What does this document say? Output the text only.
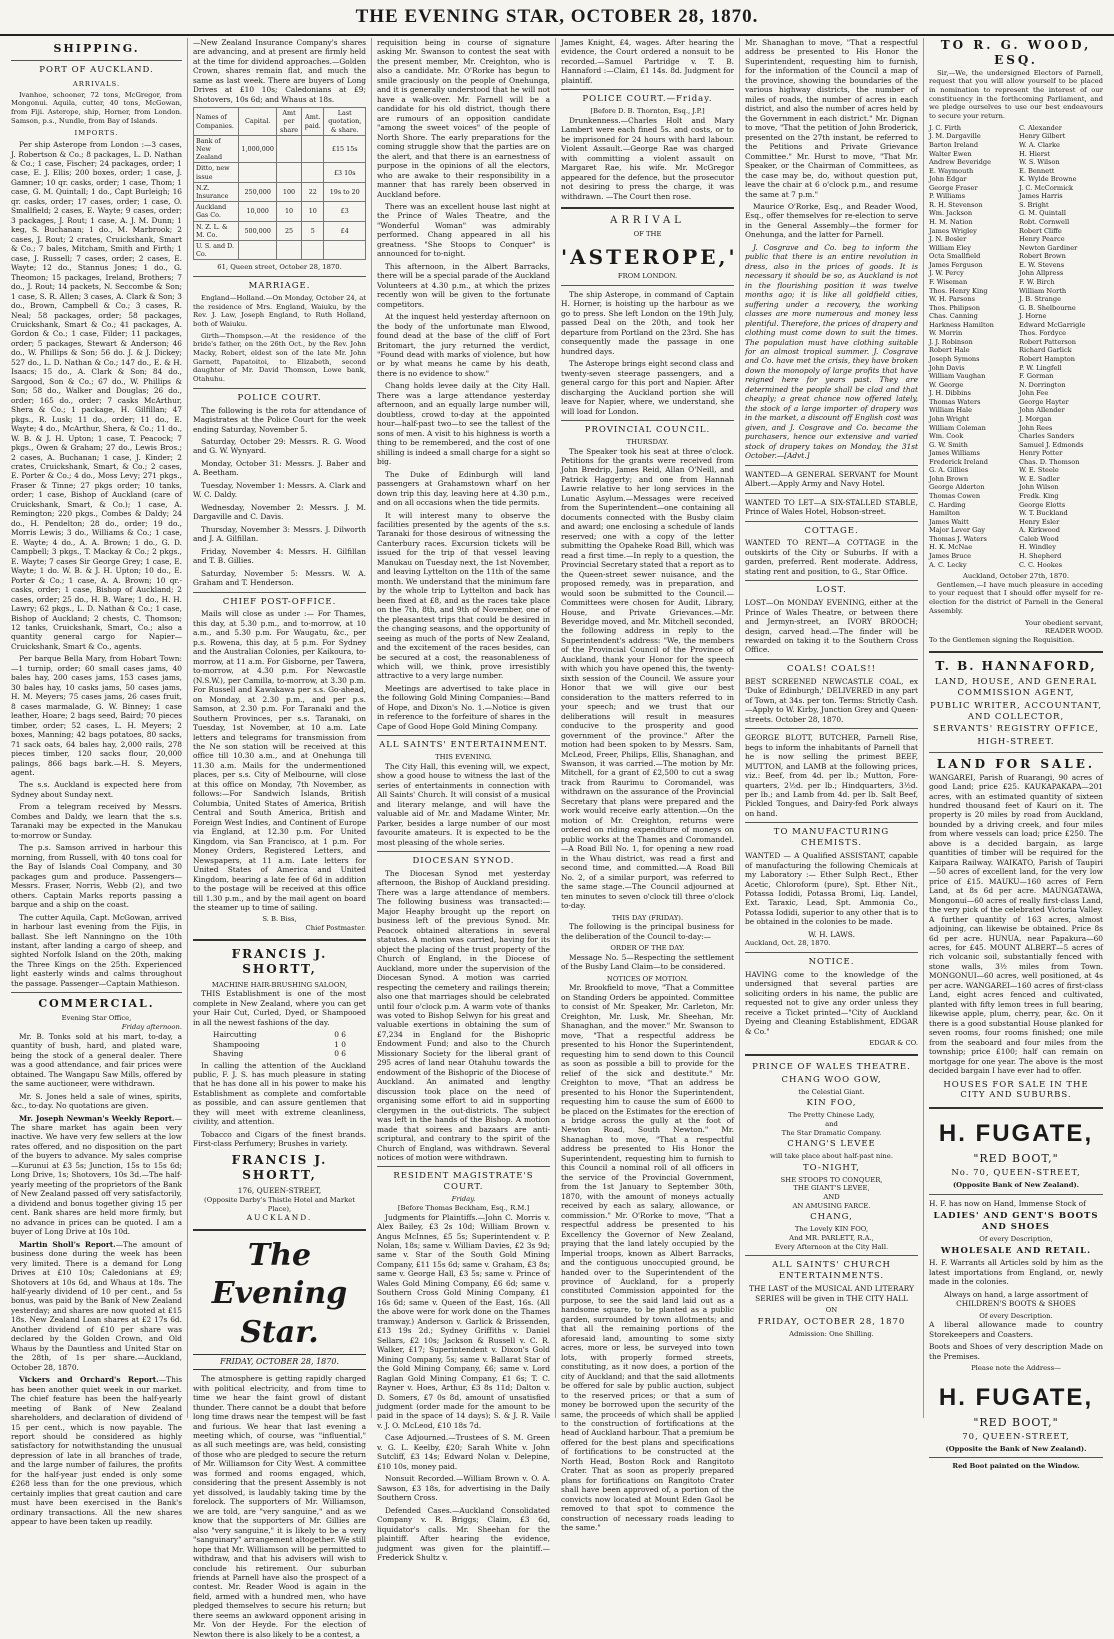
THE EVENING STAR, OCTOBER 28, 1870.
SHIPPING.
PORT OF AUCKLAND.
ARRIVALS.

Ivanhoe, schooner, 72 tons, McGregor, from Mongonui. Aquila, cutter, 40 tons, McGowan, from Fiji. Asterope, ship, Horner, from London. Samson, p.s., Nundle, from Bay of Islands.

IMPORTS.

Per ship Asterope from London :—3 cases, J. Robertson & Co.; 8 packages, L. D. Nathan & Co.; 1 case, Fischer; 24 packages, order; 1 case, E. J. Ellis; 200 boxes, order; 1 case, J. Gamner; 10 qr. casks, order; 1 case, Thom; 1 case, G. M. Quintall; 1 do., Capt Burleigh; 16 qr. casks, order; 17 cases, order; 1 case, O. Smallfield; 2 cases, E. Wayte; 9 cases, order; 3 packages, J. Rout; 1 case, A. J. M. Dunn; 1 keg, S. Buchanan; 1 do., M. Marbrook; 2 cases, J. Rout; 2 crates, Cruickshank, Smart & Co.; 7 bales, Mitcham, Smith and Firth; 1 case, J. Russell; 7 cases, order; 2 cases, E. Wayte; 12 do., Stannus Jones; 1 do., G. Theomon; 15 packages, Ireland, Brothers; 7 do., J. Rout; 14 packets, N. Seccombe & Son; 1 case, S. R. Allen; 3 cases, A. Clark & Son; 3 do., Brown, Campbell & Co.; 3 cases, R. Neal; 58 packages, order; 58 packages, Cruickshank, Smart & Co.; 41 packages, A. Gordon & Co.; 1 case, Filder; 11 packages, order; 5 packages, Stewart & Anderson; 46 do., W. Phillips & Son; 56 do. J. & J. Dickey; 527 do., L. D. Nathan & Co.; 147 do., E. & H. Isaacs; 15 do., A. Clark & Son; 84 do., Sargood, Son & Co.; 67 do., W. Phillips & Son; 58 do., Walker and Douglas; 26 do., order; 165 do., order; 7 casks McArthur, Shera & Co.; 1 package, H. Gilfillan; 47 pkgs., R. Lusk; 11 do., order; 11 do., E. Wayte; 4 do., McArthur, Shera, & Co.; 11 do., W. B. & J. H. Upton; 1 case, T. Peacock; 7 pkgs., Owen & Graham; 27 do., Lewis Bros.; 2 cases, A. Buchanan; 1 case, J. Kinder; 2 crates, Cruickshank, Smart, & Co.; 2 cases, E. Porter & Co.; 4 do., Moss Levy; 271 pkgs., Fraser & Tinne; 27 pkgs order; 10 tanks, order; 1 case, Bishop of Auckland (care of Cruickshank, Smart, & Co.); 1 case, A. Remington; 220 pkgs., Combes & Daldy; 24 do., H. Pendelton; 28 do., order; 19 do., Morris Lewis; 3 do., Williams & Co.; 1 case, E. Wayte; 4 do., A. A. Brown; 1 do., G. D. Campbell; 3 pkgs., T. Mackay & Co.; 2 pkgs., E. Wayte; 7 cases Sir George Grey; 1 case, E. Wayte; 1 do. W. B. & J. H. Upton; 10 do., E. Porter & Co.; 1 case, A. A. Brown; 10 qr.-casks, order; 1 case, Bishop of Auckland; 2 cases, order; 25 do., H. B. Ware; 1 do., H. H. Lawry; 62 pkgs., L. D. Nathan & Co.; 1 case, Bishop of Auckland; 2 chests, C. Thomson; 12 tanks, Cruickshank, Smart, Co.; also a quantity general cargo for Napier—Cruickshank, Smart & Co., agents.

Per barque Bella Mary, from Hobart Town:—1 turnip, order; 60 small cases jams, 40 bales hay, 200 cases jams, 153 cases jams, 30 bales hay, 10 casks jams, 50 cases jams, H. M. Meyers; 75 cases jams, 26 cases fruit, 8 cases marmalade, G. W. Binney; 1 case leather, Hoare; 2 bags seed, Baird; 70 pieces timber, order; 52 cases, L. H. Meyers; 2 boxes, Manning; 42 bags potatoes, 80 sacks, 71 sack oats, 64 bales hay, 2,000 rails, 278 pieces timber, 120 sacks flour, 20,000 palings, 866 bags bark.—H. S. Meyers, agent.

The s.s. Auckland is expected here from Sydney about Sunday next.

From a telegram received by Messrs. Combes and Daldy, we learn that the s.s. Taranaki may be expected in the Manukau to-morrow or Sunday.

The p.s. Samson arrived in harbour this morning, from Russell, with 40 tons coal for the Bay of Islands Coal Company, and 30 packages gum and produce. Passengers—Messrs. Fraser, Norris, Webb (2), and two others. Captain Marks reports passing a barque and a ship on the coast.

The cutter Aquila, Capt. McGowan, arrived in harbour last evening from the Fijis, in ballast. She left Nanningno on the 10th instant, after landing a cargo of sheep, and sighted Norfolk Island on the 20th, making the Three Kings on the 25th. Experienced light easterly winds and calms throughout the passage. Passenger—Captain Mathieson.

COMMERCIAL.
Evening Star Office,
Friday afternoon.

Mr. B. Tonks sold at his mart, to-day, a quantity of bush, hard, and plated ware, being the stock of a general dealer. There was a good attendance, and fair prices were obtained. The Wangapu Saw Mills, offered by the same auctioneer, were withdrawn.

Mr. S. Jones held a sale of wines, spirits, &c., to-day. No quotations are given.

Mr. Joseph Newman's Weekly Report.—The share market has again been very inactive. We have very few sellers at the low rates offered, and no disposition on the part of the buyers to advance. My sales comprise—Kurunui at £3 5s; Junction, 15s to 15s 6d; Long Drive, 1s; Shotovers, 10s 3d.—The half-yearly meeting of the proprietors of the Bank of New Zealand passed off very satisfactorily, a dividend and bonus together giving 15 per cent. Bank shares are held more firmly, but no advance in prices can be quoted. I am a buyer of Long Drive at 10s 10d.

Martin Sholl's Report.—The amount of business done during the week has been very limited. There is a demand for Long Drives at £10 10s; Caledonians at £9; Shotovers at 10s 6d, and Whaus at 18s. The half-yearly dividend of 10 per cent., and 5s bonus, was paid by the Bank of New Zealand yesterday; and shares are now quoted at £15 18s. New Zealand Loan shares at £2 17s 6d. Another dividend of £10 per share was declared by the Golden Crown, and Old Whaus by the Dauntless and United Star on the 28th, of 1s per share.—Auckland, October 28, 1870.

Vickers and Orchard's Report.—This has been another quiet week in our market. The chief feature has been the half-yearly meeting of Bank of New Zealand shareholders, and declaration of dividend of 15 per cent., which is now payable. The report should be considered as highly satisfactory for notwithstanding the unusual depression of late in all branches of trade, and the large number of failures, the profits for the half-year just ended is only some £268 less than for the one previous, which certainly implies that great caution and care must have been exercised in the Bank's ordinary transactions. All the new shares appear to have been taken up readily.

—New Zealand Insurance Company's shares are advancing, and at present are firmly held at the time for dividend approaches.—Golden Crown, shares remain flat, and much the same as last week. There are buyers of Long Drives at £10 10s; Caledonians at £9; Shotovers, 10s 6d; and Whaus at 18s.

Names of Companies.	Capital.	Amt per share	Amt. paid.	Last quotation, & share.
Bank of New Zealand	1,000,000			£15 15s
Ditto, new issue				£3 10s
N.Z. Insurance	250,000	100	22	19s to 20
Auckland Gas Co.	10,000	10	10	£3
N. Z. L. & M. Co.	500,000	25	5	£4
U. S. and D. Co.				
61, Queen street, October 28, 1870.
MARRIAGE.

England—Holland.—On Monday, October 24, at the residence of Mrs. England, Waiuku, by the Rev. J. Law, Joseph England, to Ruth Holland, both of Waiuku.

Girth—Thompson.—At the residence of the bride's father, on the 26th Oct., by the Rev. John Macky, Robert, eldest son of the late Mr. John Garnett, Papatoitoi, to Elizabeth, second daughter of Mr. David Thomson, Lowe bank, Otahuhu.

POLICE COURT.

The following is the rota for attendance of Magistrates at the Police Court for the week ending Saturday, November 5.

Saturday, October 29: Messrs. R. G. Wood and G. W. Wynyard.

Monday, October 31: Messrs. J. Baber and A. Beetham.

Tuesday, November 1: Messrs. A. Clark and W. C. Daldy.

Wednesday, November 2: Messrs. J. M. Dargaville and C. Davis.

Thursday, November 3: Messrs. J. Dilworth and J. A. Gilfillan.

Friday, November 4: Messrs. H. Gilfillan and T. B. Gillies.

Saturday, November 5: Messrs. W. A. Graham and T. Henderson.

CHIEF POST-OFFICE.

Mails will close as under :— For Thames, this day, at 5.30 p.m., and to-morrow, at 10 a.m., and 5.30 p.m. For Waugatu, &c., per p.s. Rowena, this day, at 5 p.m. For Sydney and the Australian Colonies, per Kaikoura, to-morrow, at 11 a.m. For Gisborne, per Tawera, to-morrow, at 4.30 p.m. For Newcastle (N.S.W.), per Camilla, to-morrow, at 3.30 p.m. For Russell and Kawakawa per s.s. Go-ahead, on Monday, at 2.30 p.m., and per p.s. Samson, at 2.30 p.m. For Taranaki and the Southern Provinces, per s.s. Taranaki, on Tuesday, 1st November, at 10 a.m. Late letters and telegrams for transmission from the Ne son station will be received at this office till 10.30 a.m., and at Onehunga till 11.30 a.m. Mails for the undermentioned places, per s.s. City of Melbourne, will close at this office on Monday, 7th November, as follows:—For Sandwich Islands, British Columbia, United States of America, British Central and South America, British and Foreign West Indies, and Continent of Europe via England, at 12.30 p.m. For United Kingdom, via San Francisco, at 1 p.m. For Money Orders, Registered Letters, and Newspapers, at 11 a.m. Late letters for United States of America and United Kingdom, bearing a late fee of 6d in addition to the postage will be received at this office till 1.30 p.m., and by the mail agent on board the steamer up to time of sailing.

S. B. Biss,
Chief Postmaster.
FRANCIS J. SHORTT,
MACHINE HAIR-BRUSHING SALOON,

THIS Establishment is one of the most complete in New Zealand, where you can get your Hair Cut, Curled, Dyed, or Shampooed in all the newest fashions of the day.

Haircutting	0 6
Shampooing	1 0
Shaving	0 6

In calling the attention of the Auckland public, F. J. S. has much pleasure in stating that he has done all in his power to make his Establishment as complete and comfortable as possible, and can assure gentlemen that they will meet with extreme cleanliness, civility, and attention.

Tobacco and Cigars of the finest brands. First-class Perfumery; Brushes in variety.

FRANCIS J. SHORTT,
176, QUEEN-STREET,
(Opposite Darby's Thistle Hotel and Market Place),
AUCKLAND.
The Evening Star.
FRIDAY, OCTOBER 28, 1870.

The atmosphere is getting rapidly charged with political electricity, and from time to time we hear the faint growl of distant thunder. There cannot be a doubt that before long time draws near the tempest will be fast and furious. We hear that last evening a meeting which, of course, was "influential," as all such meetings are, was held, consisting of those who are pledged to secure the return of Mr. Williamson for City West. A committee was formed and rooms engaged, which, considering that the present Assembly is not yet dissolved, is laudably taking time by the forelock. The supporters of Mr. Williamson, we are told, are "very sanguine," and as we know that the supporters of Mr. Gillies are also "very sanguine," it is likely to be a very "sanguinary" arrangement altogether. We still hope that Mr. Williamson will be permitted to withdraw, and that his advisers will wish to conclude his retirement. Our suburban friends at Parnell have also the prospect of a contest. Mr. Reader Wood is again in the field, armed with a hundred men, who have pledged themselves to secure his return; but there seems an awkward opponent arising in Mr. Von der Heyde. For the election of Newton there is also likely to be a contest, a

requisition being in course of signature asking Mr. Swanson to contest the seat with the present member, Mr. Creighton, who is also a candidate. Mr. O'Rorke has begun to smile graciously on the people of Onehunga, and it is generally understood that he will not have a walk-over. Mr. Farnell will be a candidate for his old district, though there are rumours of an opposition candidate "among the sweet voices" of the people of North Shore. The early preparations for the coming struggle show that the parties are on the alert, and that there is an earnestness of purpose in the opinions of all the electors, who are awake to their responsibility in a manner that has rarely been observed in Auckland before.

There was an excellent house last night at the Prince of Wales Theatre, and the "Wonderful Woman" was admirably performed. Chang appeared in all his greatness. "She Stoops to Conquer" is announced for to-night.

This afternoon, in the Albert Barracks, there will be a special parade of the Auckland Volunteers at 4.30 p.m., at which the prizes recently won will be given to the fortunate competitors.

At the inquest held yesterday afternoon on the body of the unfortunate man Elwood, found dead at the base of the cliff of Fort Britomart, the jury returned the verdict, "Found dead with marks of violence, but how or by what means he came by his death, there is no evidence to show."

Chang holds levee daily at the City Hall. There was a large attendance yesterday afternoon, and an equally large number will, doubtless, crowd to-day at the appointed hour—half-past two—to see the tallest of the sons of men. A visit to his highness is worth a thing to be remembered, and the cost of one shilling is indeed a small charge for a sight so big.

The Duke of Edinburgh will land passengers at Grahamstown wharf on her down trip this day, leaving here at 4.30 p.m., and on all occasions when the tide permits.

It will interest many to observe the facilities presented by the agents of the s.s. Taranaki for those desirous of witnessing the Canterbury races. Excursion tickets will be issued for the trip of that vessel leaving Manukau on Tuesday next, the 1st November, and leaving Lyttelton on the 11th of the same month. We understand that the minimum fare by the whole trip to Lyttelton and back has been fixed at £8, and as the races take place on the 7th, 8th, and 9th of November, one of the pleasantest trips that could be desired in the changing seasons, and the opportunity of seeing as much of the ports of New Zealand, and the excitement of the races besides, can be secured at a cost, the reasonableness of which will, we think, prove irresistibly attractive to a very large number.

Meetings are advertised to take place in the following Gold Mining Companies:—Band of Hope, and Dixon's No. 1.—Notice is given in reference to the forfeiture of shares in the Cape of Good Hope Gold Mining Company.

ALL SAINTS' ENTERTAINMENT.
THIS EVENING.

The City Hall, this evening will, we expect, show a good house to witness the last of the series of entertainments in connection with All Saints' Church. It will consist of a musical and literary melange, and will have the valuable aid of Mr. and Madame Winter, Mr. Parker, besides a large number of our most favourite amateurs. It is expected to be the most pleasing of the whole series.

DIOCESAN SYNOD.

The Diocesan Synod met yesterday afternoon, the Bishop of Auckland presiding. There was a large attendance of members. The following business was transacted:—Major Heaphy brought up the report on business left of the previous Synod. Mr. Peacock obtained alterations in several statutes. A motion was carried, having for its object the placing of the trust property of the Church of England, in the Diocese of Auckland, more under the supervision of the Diocesan Synod. A motion was carried respecting the cemetery and railings therein; also one that marriages should be celebrated until four o'clock p.m. A warm vote of thanks was voted to Bishop Selwyn for his great and valuable exertions in obtaining the sum of £7,234 in England for the Bishopric Endowment Fund; and also to the Church Missionary Society for the liberal grant of 295 acres of land near Otahuhu towards the endowment of the Bishopric of the Diocese of Auckland. An animated and lengthy discussion took place on the need of organising some effort to aid in supporting clergymen in the out-districts. The subject was left in the hands of the Bishop. A motion made that soirees and bazaars are anti-scriptural, and contrary to the spirit of the Church of England, was withdrawn. Several notices of motion were withdrawn.

RESIDENT MAGISTRATE'S COURT.
Friday.
[Before Thomas Beckham, Esq., R.M.]

Judgments for Plaintiffs.—John C. Morris v. Alex Bailey, £3 2s 10d; William Brown v. Angus McInnes, £5 5s; Superintendent v. P. Nolan, 18s; same v. William Davies, £2 3s 9d; same v. Star of the South Gold Mining Company, £11 15s 6d; same v. Graham, £3 8s; same v. George Hall, £3 5s; same v. Prince of Wales Gold Mining Company, £6 6d; same v. Southern Cross Gold Mining Company, £1 16s 6d; same v. Queen of the East, 16s. (All the above were for work done on the Thames tramway.) Anderson v. Garlick & Brissenden, £13 19s 2d.; Sydney Griffiths v. Daniel Sellars, £2 10s; Jackson & Russell v. C. R. Walker, £17; Superintendent v. Dixon's Gold Mining Company, 5s; same v. Ballarat Star of the Gold Mining Company, £6; same v. Lord Raglan Gold Mining Company, £1 6s; T. C. Rayner v. Hoes, Arthur, £3 8s 11d; Dalton v. D. Somers, £7 0s 8d, amount of unsatisfied judgment (order made for the amount to be paid in the space of 14 days); S. & J. R. Vaile v. J. O. McLeod, £10 18s 7d.

Case Adjourned.—Trustees of S. M. Green v. G. L. Keelby, £20; Sarah White v. John Sutcliff, £3 14s; Edward Nolan v. Delepine, £10 10s, money paid.

Nonsuit Recorded.—William Brown v. O. A. Sawson, £3 18s, for advertising in the Daily Southern Cross.

Defended Cases.—Auckland Consolidated Company v. R. Briggs; Claim, £3 6d, liquidator's calls. Mr. Sheehan for the plaintiff. After hearing the evidence, judgment was given for the plaintiff.—Frederick Shultz v.

James Knight, £4, wages. After hearing the evidence, the Court ordered a nonsuit to be recorded.—Samuel Partridge v. T. B. Hannaford :—Claim, £1 14s. 8d. Judgment for plaintiff.

POLICE COURT.—Friday.
[Before D. B. Thornton, Esq., J.P.]

Drunkenness.—Charles Holt and Mary Lambert were each fined 5s. and costs, or to be imprisoned for 24 hours with hard labour. Violent Assault.—George Rae was charged with committing a violent assault on Margaret Rae, his wife. Mr. McGregor appeared for the defence, but the prosecutor not desiring to press the charge, it was withdrawn. —The Court then rose.

ARRIVAL
OF THE
'ASTEROPE,'
FROM LONDON.

The ship Asterope, in command of Captain H. Horner, is hoisting up the harbour as we go to press. She left London on the 19th July, passed Deal on the 20th, and took her departure from Portland on the 23rd. She has consequently made the passage in one hundred days.

The Asterope brings eight second class and twenty-seven steerage passengers, and a general cargo for this port and Napier. After discharging the Auckland portion she will leave for Napier, where, we understand, she will load for London.

PROVINCIAL COUNCIL.
THURSDAY.

The Speaker took his seat at three o'clock. Petitions for the grants were received from John Bredrip, James Reid, Allan O'Neill, and Patrick Haggerty; and one from Hannah Lawrie relative to her long services in the Lunatic Asylum.—Messages were received from the Superintendent—one containing all documents connected with the Busby claim and award; one enclosing a schedule of lands reserved; one with a copy of the letter submitting the Opaheke Road Bill, which was read a first time.—In reply to a question, the Provincial Secretary stated that a report as to the Queen-street sewer nuisance, and the proposed remedy, was in preparation, and would soon be submitted to the Council.—Committees were chosen for Audit, Library, House, and Private Grievances.—Mr. Beveridge moved, and Mr. Mitchell seconded, the following address in reply to the Superintendent's address: "We, the members of the Provincial Council of the Province of Auckland, thank your Honor for the speech with which you have opened this, the twenty-sixth session of the Council. We assure your Honor that we will give our best consideration to the matters referred to in your speech; and we trust that our deliberations will result in measures conducive to the prosperity and good government of the province." After the motion had been spoken to by Messrs. Sam, McLeod, Freer, Philips, Ellis, Shanaghan, and Swanson, it was carried.—The motion by Mr. Mitchell, for a grant of £2,500 to cut a swag track from Raurimu to Coromandel, was withdrawn on the assurance of the Provincial Secretary that plans were prepared and the work would receive early attention.—On the motion of Mr. Creighton, returns were ordered on riding expenditure of moneys on public works at the Thames and Coromandel.—A Road Bill No. 1, for opening a new road in the Whau district, was read a first and second time, and committed.—A Road Bill No. 2, of a similar purport, was referred to the same stage.—The Council adjourned at ten minutes to seven o'clock till three o'clock to-day.

THIS DAY (FRIDAY).

The following is the principal business for the deliberation of the Council to-day:—

ORDER OF THE DAY.

Message No. 5—Respecting the settlement of the Busby Land Claim—to be considered.

NOTICES OF MOTION.

Mr. Brookfield to move, "That a Committee on Standing Orders be appointed. Committee to consist of Mr. Speaker, Mr. Carleton, Mr. Creighton, Mr. Lusk, Mr. Sheehan, Mr. Shanaghan, and the mover." Mr. Swanson to move, "That a respectful address be presented to his Honor the Superintendent, requesting him to send down to this Council as soon as possible a bill to provide for the relief of the sick and destitute." Mr. Creighton to move, "That an address be presented to his Honor the Superintendent, requesting him to cause the sum of £600 to be placed on the Estimates for the erection of a bridge across the gully at the foot of Newton Road, South Newton." Mr. Shanaghan to move, "That a respectful address be presented to His Honor the Superintendent, requesting him to furnish to this Council a nominal roll of all officers in the service of the Provincial Government, from the 1st January to September 30th, 1870, with the amount of moneys actually received by each as salary, allowance, or commission." Mr. O'Rorke to move, "That a respectful address be presented to his Excellency the Governor of New Zealand, praying that the land lately occupied by the Imperial troops, known as Albert Barracks, and the contiguous unoccupied ground, be handed over to the Superintendent of the province of Auckland, for a properly constituted Commission appointed for the purpose, to see the said land laid out as a handsome square, to be planted as a public garden, surrounded by town allotments; and that all the remaining portions of the aforesaid land, amounting to some sixty acres, more or less, be surveyed into town lots, with properly formed streets, constituting, as it now does, a portion of the city of Auckland; and that the said allotments be offered for sale by public auction, subject to the reserved prices; or that a sum of money be borrowed upon the security of the same, the proceeds of which shall be applied to the construction of fortifications at the head of Auckland harbour. That a premium be offered for the best plans and specifications of fortifications to be constructed at the North Head, Boston Rock and Rangitoto Crater. That as soon as properly prepared plans for fortifications on Rangitoto Crater shall have been approved of, a portion of the convicts now located at Mount Eden Gaol be removed to that spot to commence the construction of necessary roads leading to the same."

Mr. Shanaghan to move, "That a respectful address be presented to His Honor the Superintendent, requesting him to furnish, for the information of the Council a map of the province, showing the boundaries of the various highway districts, the number of miles of roads, the number of acres in each district, and also the number of acres held by the Government in each district." Mr. Dignan to move, "That the petition of John Broderick, presented on the 27th instant, be referred to the Petitions and Private Grievance Committee." Mr. Hurst to move, "That Mr. Speaker, or the Chairman of Committees, as the case may be, do, without question put, leave the chair at 6 o'clock p.m., and resume the same at 7 p.m."

Maurice O'Rorke, Esq., and Reader Wood, Esq., offer themselves for re-election to serve in the General Assembly—the former for Onehunga, and the latter for Parnell.

J. Cosgrave and Co. beg to inform the public that there is an entire revolution in dress, also in the prices of goods. It is necessary it should be so, as Auckland is not in the flourishing position it was twelve months ago; it is like all goldfield cities, suffering under a recovery, the working classes are more numerous and money less plentiful. Therefore, the prices of drapery and clothing must come down to suit the times. The population must have clothing suitable for an almost tropical summer. J. Cosgrave and Co. have met the crisis, they have broken down the monopoly of large profits that have reigned here for years past. They are determined the people shall be clad and that cheaply; a great chance now offered lately, the stock of a large importer of drapery was in the market, a discount off English cost was given, and J. Cosgrave and Co. became the purchasers, hence our extensive and varied stock of drapery takes on Monday, the 31st October.—[Advt.]

WANTED—A GENERAL SERVANT for Mount Albert.—Apply Army and Navy Hotel.

WANTED TO LET—A SIX-STALLED STABLE, Prince of Wales Hotel, Hobson-street.

COTTAGE.

WANTED TO RENT—A COTTAGE in the outskirts of the City or Suburbs. If with a garden, preferred. Rent moderate. Address, stating rent and position, to G., Star Office.

LOST.

LOST—On MONDAY EVENING, either at the Prince of Wales Theatre, or between there and Jermyn-street, an IVORY BROOCH; design, carved head.—The finder will be rewarded on taking it to the Southern Cross Office.

COALS! COALS!!

BEST SCREENED NEWCASTLE COAL, ex 'Duke of Edinburgh,' DELIVERED in any part of Town, at 34s. per ton. Terms: Strictly Cash.—Apply to W. Kirby, Junction Grey and Queen-streets. October 28, 1870.

GEORGE BLOTT, BUTCHER, Parnell Rise, begs to inform the inhabitants of Parnell that he is now selling the primest BEEF, MUTTON, and LAMB at the following prices, viz.: Beef, from 4d. per lb.; Mutton, Fore-quarters, 2½d. per lb.; Hindquarters, 3½d. per lb.; and Lamb from 4d. per lb. Salt Beef, Pickled Tongues, and Dairy-fed Pork always on hand.

TO MANUFACTURING CHEMISTS.

WANTED — A Qualified ASSISTANT, capable of manufacturing the following Chemicals at my Laboratory :— Ether Sulph Rect., Ether Acetic, Chloroform (pure), Spt. Ether Nit., Potassa Iodidi, Potassa Bromi, Liq. Landel, Ext. Taraxic, Lead, Spt. Ammonia Co., Potassa Iodidi, superior to any other that is to be obtained in the colonies to be made.

W. H. LAWS.
Auckland, Oct. 28, 1870.
NOTICE.

HAVING come to the knowledge of the undersigned that several parties are soliciting orders in his name, the public are requested not to give any order unless they receive a Ticket printed—"City of Auckland Dyeing and Cleaning Establishment, EDGAR & Co."

EDGAR & CO.
PRINCE OF WALES THEATRE.
CHANG WOO GOW,
the Celestial Giant.
KIN FOO,
The Pretty Chinese Lady,
and
The Star Dramatic Company.
CHANG'S LEVEE
will take place about half-past nine.
TO-NIGHT,
SHE STOOPS TO CONQUER,
THE GIANT'S LEVEE,
AND
AN AMUSING FARCE.
CHANG,
The Lovely KIN FOO,
And MR. PARLETT, R.A.,
Every Afternoon at the City Hall.
ALL SAINTS' CHURCH ENTERTAINMENTS.

THE LAST of the MUSICAL AND LITERARY SERIES will be given in THE CITY HALL

ON
FRIDAY, OCTOBER 28, 1870
Admission: One Shilling.
TO R. G. WOOD, ESQ.

Sir,—We, the undersigned Electors of Parnell, request that you will allow yourself to be placed in nomination to represent the interest of our constituency in the forthcoming Parliament, and we pledge ourselves to use our best endeavours to secure your return.

J. C. Firth
J. M. Dargaville
Barton Ireland
Walter Ewen
Andrew Beveridge
E. Waymouth
John Edgar
George Fraser
P. Williams
R. H. Stevenson
Wm. Jackson
H. M. Nation
James Wrigley
J. N. Bosler
William Eley
Octa Smallfield
James Ferguson
J. W. Percy
F. Wiseman
Thos. Henry King
W. H. Parsons
Thos. Philipson
Chas. Canning
Harkness Hamilton
W. Morrin
J. J. Robinson
Robert Hale
Joseph Symons
John Davis
William Vaughan
W. George
J. H. Dibbins
Thomas Waters
William Hale
John Wright
William Coleman
Wm. Cook
G. W. Smith
James Williams
Frederick Ireland
G. A. Gillies
John Brown
George Alderton
Thomas Cowen
C. Harding
Hamilton
James Waitt
Major Lever Gay
Thomas J. Waters
H. K. McNae
James Bruce
A. C. Lecky
C. Alexander
Henry Gilbert
W. A. Clarke
H. Hierst
W. S. Wilson
E. Bennett
K. Wylde Browne
J. C. McCormick
James Harris
S. Bright
G. M. Quintall
Robt. Cornwell
Robert Cliffe
Henry Pearce
Newton Gardiner
Robert Brown
E. W. Stevens
John Allpress
F. W. Birch
William North
J. B. Strange
G. B. Shelbourne
J. Horne
Edward McGarrigle
Thos. Fordyce
Robert Patterson
Richard Garlick
Robert Hampton
P. W. Lingfell
F. Gorman
N. Dorrington
John Fee
George Hayter
John Allender
J. Morgan
John Rees
Charles Sanders
Samuel J. Edmonds
Henry Potter
Chas. D. Thomson
W. E. Steele
W. E. Sadler
John Wilson
Fredk. King
George Elotts
W. T. Buckland
Henry Esler
A. Kirkwood
Caleb Wood
H. Windley
H. Shepherd
C. C. Hookes
Auckland, October 27th, 1870.

Gentlemen,—I have much pleasure in acceding to your request that I should offer myself for re-election for the district of Parnell in the General Assembly.

Your obedient servant,
READER WOOD.
To the Gentlemen signing the Requisition.
T. B. HANNAFORD,
LAND, HOUSE, AND GENERAL COMMISSION AGENT,
PUBLIC WRITER, ACCOUNTANT, AND COLLECTOR,
SERVANTS' REGISTRY OFFICE,
HIGH-STREET.
LAND FOR SALE.

WANGAREI, Parish of Ruarangi, 90 acres of good Land; price £25. KAUKAPAKAPA—201 acres, with an estimated quantity of sixteen hundred thousand feet of Kauri on it. The property is 20 miles by road from Auckland, bounded by a driving creek, and four miles from where vessels can load; price £250. The above is a decided bargain, as large quantities of timber will be required for the Kaipara Railway. WAIKATO, Parish of Taupiri—50 acres of excellent land, for the very low price of £15. MAUKU—160 acres of Fern Land, at 8s 6d per acre. MAUNGATAWA, Mongonui—60 acres of really first-class Land, the very pick of the celebrated Victoria Valley. A further quantity of 163 acres, almost adjoining, can likewise be obtained. Price 8s 6d per acre. HUNUA, near Papakura—60 acres, for £45. MOUNT ALBERT—5 acres of rich volcanic soil, substantially fenced with stone walls, 3½ miles from Town. MONGONUI—60 acres, well positioned, at 4s per acre. WANGAREI—160 acres of first-class Land, eight acres fenced and cultivated, planted with fifty lemon trees in full bearing, likewise apple, plum, cherry, pear, &c. On it there is a good substantial House planked for seven rooms, four rooms finished; one mile from the seaboard and four miles from the township; price £100; half can remain on mortgage for one year. The above is the most decided bargain I have ever had to offer.

HOUSES FOR SALE IN THE CITY AND SUBURBS.
H. FUGATE,
"RED BOOT,"
No. 70, QUEEN-STREET,
(Opposite Bank of New Zealand).

H. F. has now on Hand, Immense Stock of

LADIES' AND GENT'S BOOTS AND SHOES
Of every Description,
WHOLESALE AND RETAIL.

H. F. Warrants all Articles sold by him as the latest importations from England, or, newly made in the colonies.

Always on hand, a large assortment of CHILDREN'S BOOTS & SHOES

Of every Description.

A liberal allowance made to country Storekeepers and Coasters.

Boots and Shoes of very description Made on the Premises.

Please note the Address—
H. FUGATE,
"RED BOOT,"
70, QUEEN-STREET,
(Opposite the Bank of New Zealand).
Red Boot painted on the Window.
